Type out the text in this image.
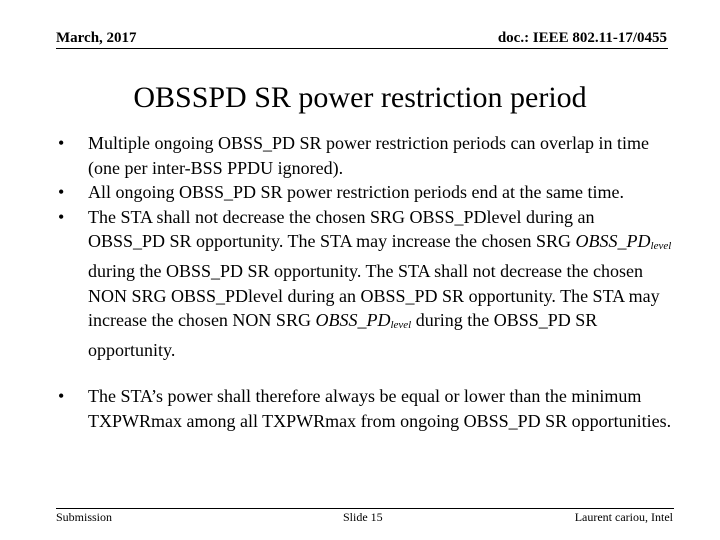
March, 2017	doc.: IEEE 802.11-17/0455
OBSSPD SR power restriction period
• Multiple ongoing OBSS_PD SR power restriction periods can overlap in time (one per inter-BSS PPDU ignored).
• All ongoing OBSS_PD SR power restriction periods end at the same time.
• The STA shall not decrease the chosen SRG OBSS_PDlevel during an OBSS_PD SR opportunity. The STA may increase the chosen SRG $OBSS\_PD_{level}$ during the OBSS_PD SR opportunity. The STA shall not decrease the chosen NON SRG OBSS_PDlevel during an OBSS_PD SR opportunity. The STA may increase the chosen NON SRG $OBSS\_PD_{level}$ during the OBSS_PD SR opportunity.
• The STA’s power shall therefore always be equal or lower than the minimum TXPWRmax among all TXPWRmax from ongoing OBSS_PD SR opportunities.
Submission	Slide 15	Laurent cariou, Intel
